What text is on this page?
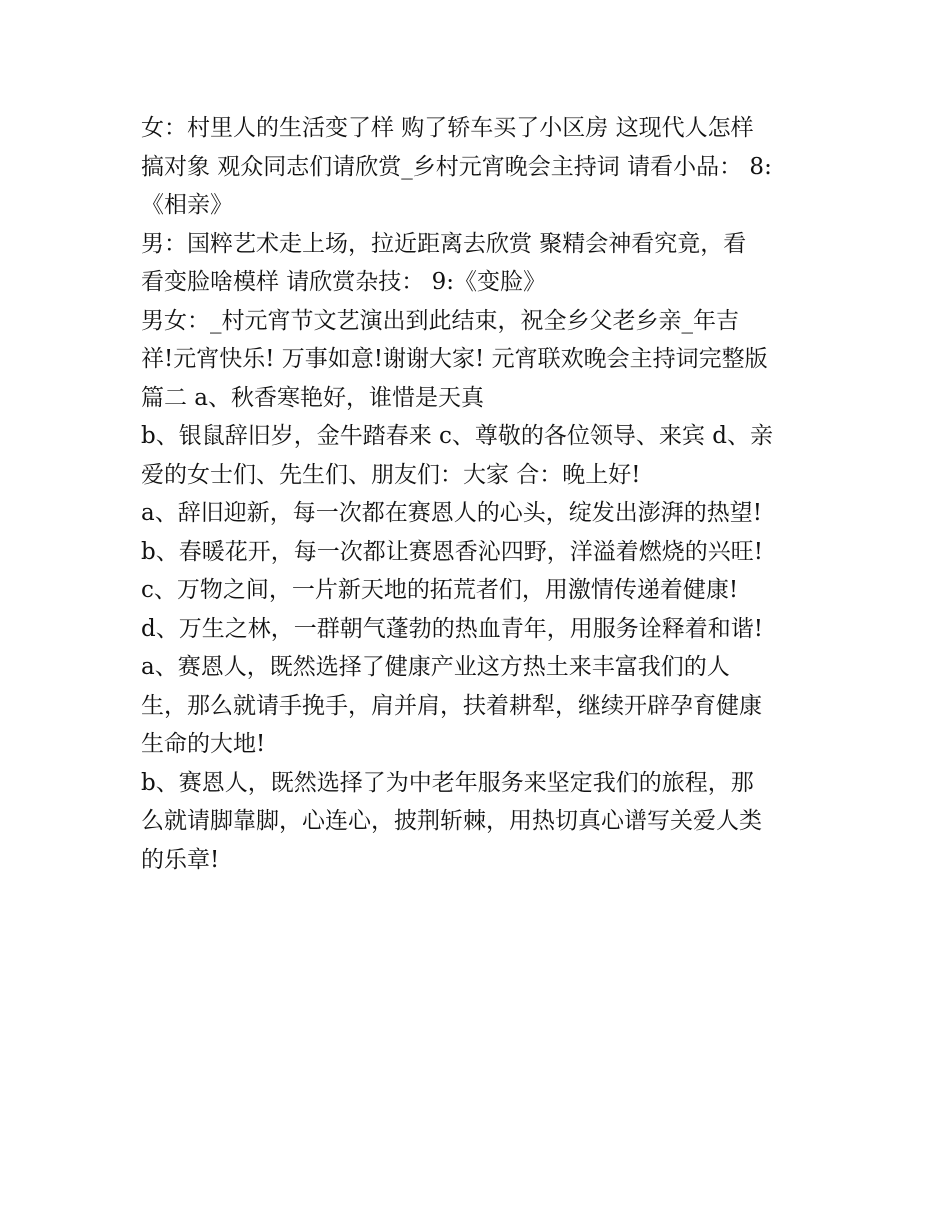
女：村里人的生活变了样 购了轿车买了小区房 这现代人怎样
搞对象 观众同志们请欣赏_乡村元宵晚会主持词 请看小品： 8:
《相亲》
男：国粹艺术走上场，拉近距离去欣赏 聚精会神看究竟，看
看变脸啥模样 请欣赏杂技： 9:《变脸》
男女：_村元宵节文艺演出到此结束，祝全乡父老乡亲_年吉
祥!元宵快乐! 万事如意!谢谢大家! 元宵联欢晚会主持词完整版
篇二 a、秋香寒艳好，谁惜是天真
b、银鼠辞旧岁，金牛踏春来 c、尊敬的各位领导、来宾 d、亲
爱的女士们、先生们、朋友们：大家 合：晚上好!
a、辞旧迎新，每一次都在赛恩人的心头，绽发出澎湃的热望!
b、春暖花开，每一次都让赛恩香沁四野，洋溢着燃烧的兴旺!
c、万物之间，一片新天地的拓荒者们，用激情传递着健康!
d、万生之林，一群朝气蓬勃的热血青年，用服务诠释着和谐!
a、赛恩人，既然选择了健康产业这方热土来丰富我们的人
生，那么就请手挽手，肩并肩，扶着耕犁，继续开辟孕育健康
生命的大地!
b、赛恩人，既然选择了为中老年服务来坚定我们的旅程，那
么就请脚靠脚，心连心，披荆斩棘，用热切真心谱写关爱人类
的乐章!
